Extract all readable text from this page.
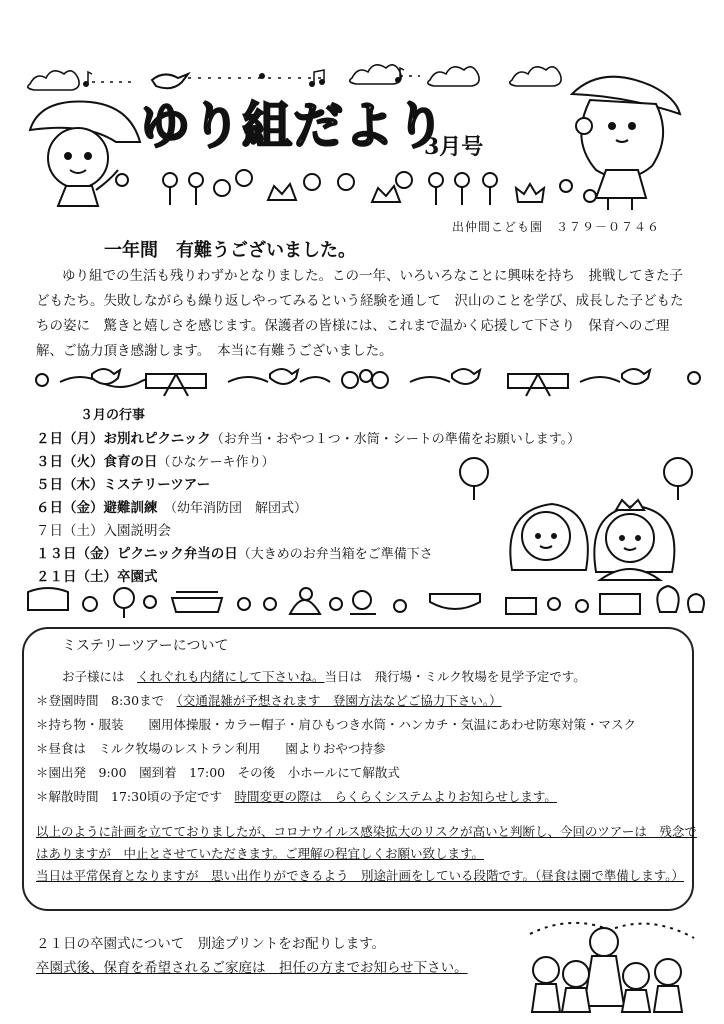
ゆり組だより
3月号
出仲間こども園　３７９－０７４６
一年間　有難うございました。

ゆり組での生活も残りわずかとなりました。この一年、いろいろなことに興味を持ち　挑戦してきた子どもたち。失敗しながらも繰り返しやってみるという経験を通して　沢山のことを学び、成長した子どもたちの姿に　驚きと嬉しさを感じます。保護者の皆様には、これまで温かく応援して下さり　保育へのご理解、ご協力頂き感謝します。　本当に有難うございました。

３月の行事
２日（月）お別れピクニック（お弁当・おやつ１つ・水筒・シートの準備をお願いします。）
３日（火）食育の日（ひなケーキ作り）
５日（木）ミステリーツアー
６日（金）避難訓練　（幼年消防団　解団式）
７日（土）入園説明会
１３日（金）ピクニック弁当の日（大きめのお弁当箱をご準備下さ
２１日（土）卒園式
ミステリーツアーについて
お子様には　 くれぐれも内緒にして下さいね。当日は　飛行場・ミルク牧場を見学予定です。
＊登園時間　8:30まで　 （交通混雑が予想されます　登園方法などご協力下さい。）
＊持ち物・服装　　園用体操服・カラー帽子・肩ひもつき水筒・ハンカチ・気温にあわせ防寒対策・マスク
＊昼食は　ミルク牧場のレストラン利用　　園よりおやつ持参
＊園出発　9:00　園到着　17:00　その後　小ホールにて解散式
＊解散時間　17:30頃の予定です　 時間変更の際は　らくらくシステムよりお知らせします。
以上のように計画を立てておりましたが、コロナウイルス感染拡大のリスクが高いと判断し、今回のツアーは　残念で
はありますが　中止とさせていただきます。ご理解の程宜しくお願い致します。
当日は平常保育となりますが　思い出作りができるよう　別途計画をしている段階です。（昼食は園で準備します。）
２１日の卒園式について　別途プリントをお配りします。
卒園式後、保育を希望されるご家庭は　担任の方までお知らせ下さい。
